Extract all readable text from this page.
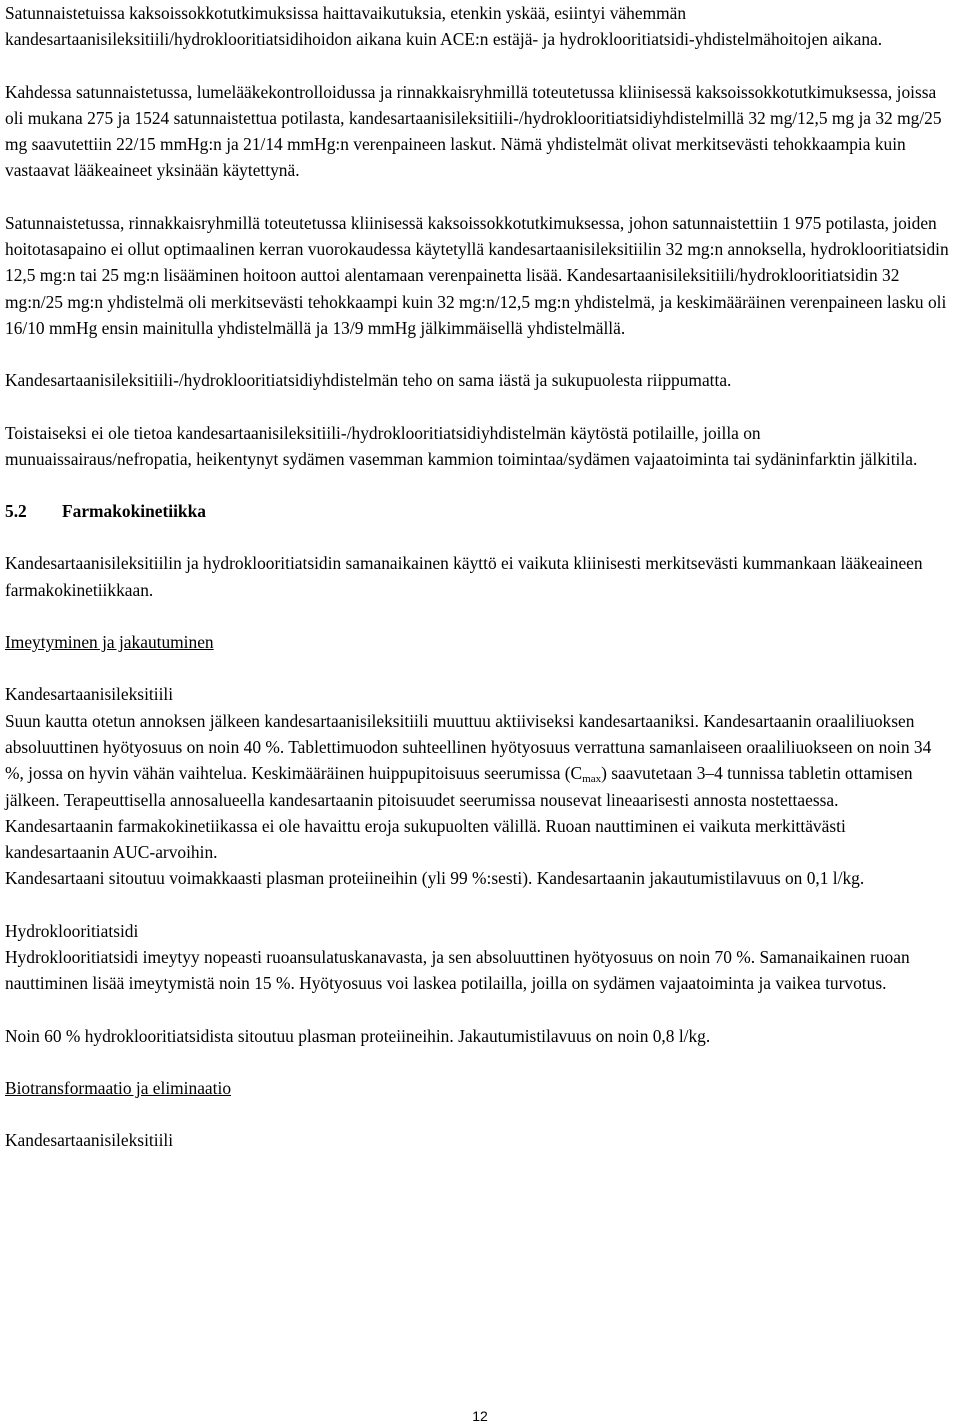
Satunnaistetuissa kaksoissokkotutkimuksissa haittavaikutuksia, etenkin yskää, esiintyi vähemmän kandesartaanisileksitiili/hydroklooritiatsidihoidon aikana kuin ACE:n estäjä- ja hydroklooritiatsidi-yhdistelmähoitojen aikana.

Kahdessa satunnaistetussa, lumelääkekontrolloidussa ja rinnakkaisryhmillä toteutetussa kliinisessä kaksoissokkotutkimuksessa, joissa oli mukana 275 ja 1524 satunnaistettua potilasta, kandesartaanisileksitiili-/hydroklooritiatsidiyhdistelmillä 32 mg/12,5 mg ja 32 mg/25 mg saavutettiin 22/15 mmHg:n ja 21/14 mmHg:n verenpaineen laskut. Nämä yhdistelmät olivat merkitsevästi tehokkaampia kuin vastaavat lääkeaineet yksinään käytettynä.

Satunnaistetussa, rinnakkaisryhmillä toteutetussa kliinisessä kaksoissokkotutkimuksessa, johon satunnaistettiin 1 975 potilasta, joiden hoitotasapaino ei ollut optimaalinen kerran vuorokaudessa käytetyllä kandesartaanisileksitiilin 32 mg:n annoksella, hydroklooritiatsidin 12,5 mg:n tai 25 mg:n lisääminen hoitoon auttoi alentamaan verenpainetta lisää. Kandesartaanisileksitiili/hydroklooritiatsidin 32 mg:n/25 mg:n yhdistelmä oli merkitsevästi tehokkaampi kuin 32 mg:n/12,5 mg:n yhdistelmä, ja keskimääräinen verenpaineen lasku oli 16/10 mmHg ensin mainitulla yhdistelmällä ja 13/9 mmHg jälkimmäisellä yhdistelmällä.

Kandesartaanisileksitiili-/hydroklooritiatsidiyhdistelmän teho on sama iästä ja sukupuolesta riippumatta.

Toistaiseksi ei ole tietoa kandesartaanisileksitiili-/hydroklooritiatsidiyhdistelmän käytöstä potilaille, joilla on munuaissairaus/nefropatia, heikentynyt sydämen vasemman kammion toimintaa/sydämen vajaatoiminta tai sydäninfarktin jälkitila.

5.2 Farmakokinetiikka

Kandesartaanisileksitiilin ja hydroklooritiatsidin samanaikainen käyttö ei vaikuta kliinisesti merkitsevästi kummankaan lääkeaineen farmakokinetiikkaan.

Imeytyminen ja jakautuminen

Kandesartaanisileksitiili

Suun kautta otetun annoksen jälkeen kandesartaanisileksitiili muuttuu aktiiviseksi kandesartaaniksi. Kandesartaanin oraaliliuoksen absoluuttinen hyötyosuus on noin 40 %. Tablettimuodon suhteellinen hyötyosuus verrattuna samanlaiseen oraaliliuokseen on noin 34 %, jossa on hyvin vähän vaihtelua. Keskimääräinen huippupitoisuus seerumissa $(C_{max})$ saavutetaan 3–4 tunnissa tabletin ottamisen jälkeen. Terapeuttisella annosalueella kandesartaanin pitoisuudet seerumissa nousevat lineaarisesti annosta nostettaessa. Kandesartaanin farmakokinetiikassa ei ole havaittu eroja sukupuolten välillä. Ruoan nauttiminen ei vaikuta merkittävästi kandesartaanin AUC-arvoihin.

Kandesartaani sitoutuu voimakkaasti plasman proteiineihin (yli 99 %:sesti). Kandesartaanin jakautumistilavuus on 0,1 l/kg.

Hydroklooritiatsidi

Hydroklooritiatsidi imeytyy nopeasti ruoansulatuskanavasta, ja sen absoluuttinen hyötyosuus on noin 70 %. Samanaikainen ruoan nauttiminen lisää imeytymistä noin 15 %. Hyötyosuus voi laskea potilailla, joilla on sydämen vajaatoiminta ja vaikea turvotus.

Noin 60 % hydroklooritiatsidista sitoutuu plasman proteiineihin. Jakautumistilavuus on noin 0,8 l/kg.

Biotransformaatio ja eliminaatio

Kandesartaanisileksitiili

12
